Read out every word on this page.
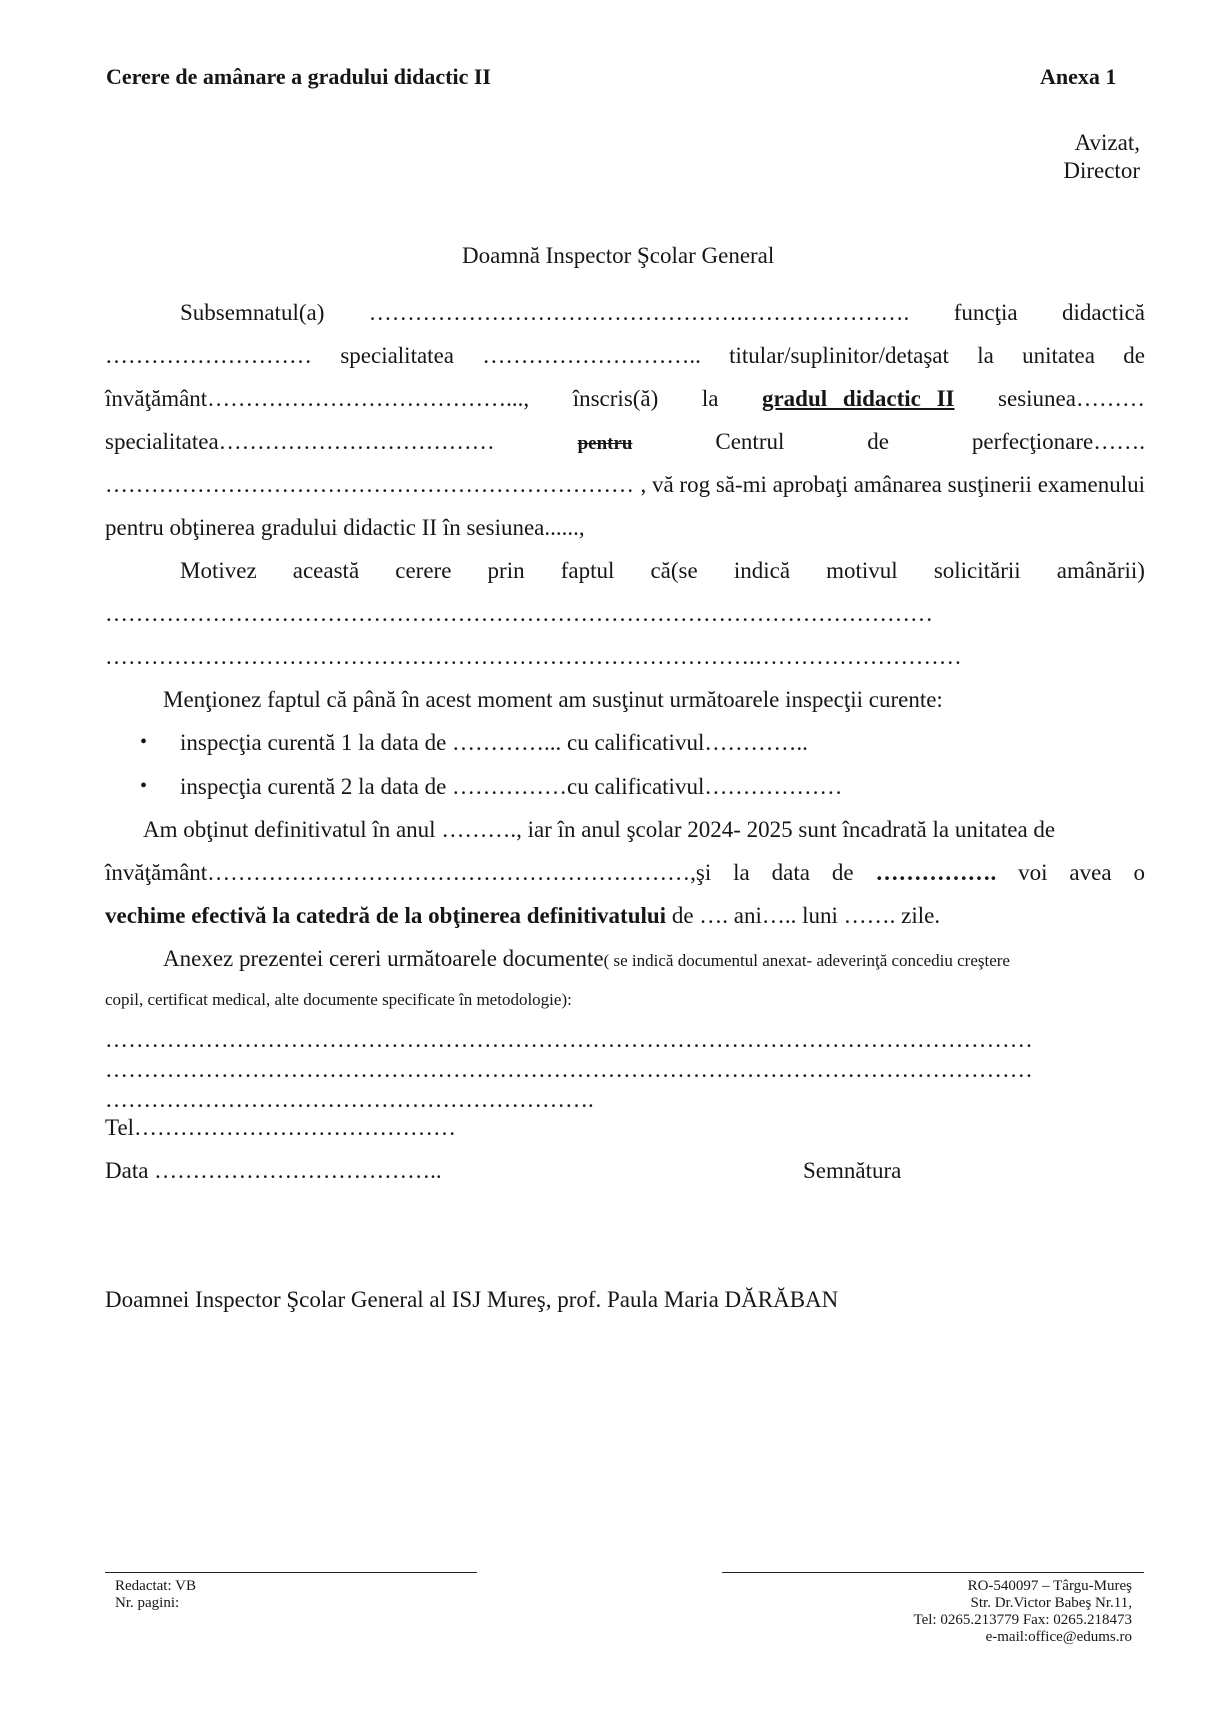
Cerere de amânare a gradului didactic II	Anexa 1
Avizat,
Director
Doamnă Inspector Şcolar General
Subsemnatul(a) ………………………………………….…………………. funcţia didactică
……………………… specialitatea ……………………….. titular/suplinitor/detaşat la unitatea de
învăţământ…………………………………..., înscris(ă) la gradul didactic II sesiunea………
specialitatea………………………………	pentru	Centrul	de	perfecţionare…….
…………………………………………………………… , vă rog să-mi aprobaţi amânarea susţinerii examenului
pentru obţinerea gradului didactic II în sesiunea......,
Motivez această cerere prin faptul că(se indică motivul solicitării amânării)
………………………………………………………………………………………………
………………………………………………………………………….………………………
Menţionez faptul că până în acest moment am susţinut următoarele inspecţii curente:
• inspecţia curentă 1 la data de …………... cu calificativul…………..
• inspecţia curentă 2 la data de ……………cu calificativul………………
Am obţinut definitivatul în anul ………., iar în anul şcolar 2024- 2025 sunt încadrată la unitatea de
învăţământ………………………………………………………,şi la data de ……………. voi avea o
vechime efectivă la catedră de la obţinerea definitivatului de …. ani….. luni ……. zile.
Anexez prezentei cereri următoarele documente( se indică documentul anexat- adeverinţă concediu creştere
copil, certificat medical, alte documente specificate în metodologie):
…………………………………………………………………………………………………………
…………………………………………………………………………………………………………
……………………………………………………….
Tel……………………………………
Data ………………………………..	Semnătura
Doamnei Inspector Şcolar General al ISJ Mureş, prof. Paula Maria DĂRĂBAN
Redactat: VB
Nr. pagini:
RO-540097 – Târgu-Mureş
Str. Dr.Victor Babeş Nr.11,
Tel: 0265.213779 Fax: 0265.218473
e-mail:office@edums.ro
